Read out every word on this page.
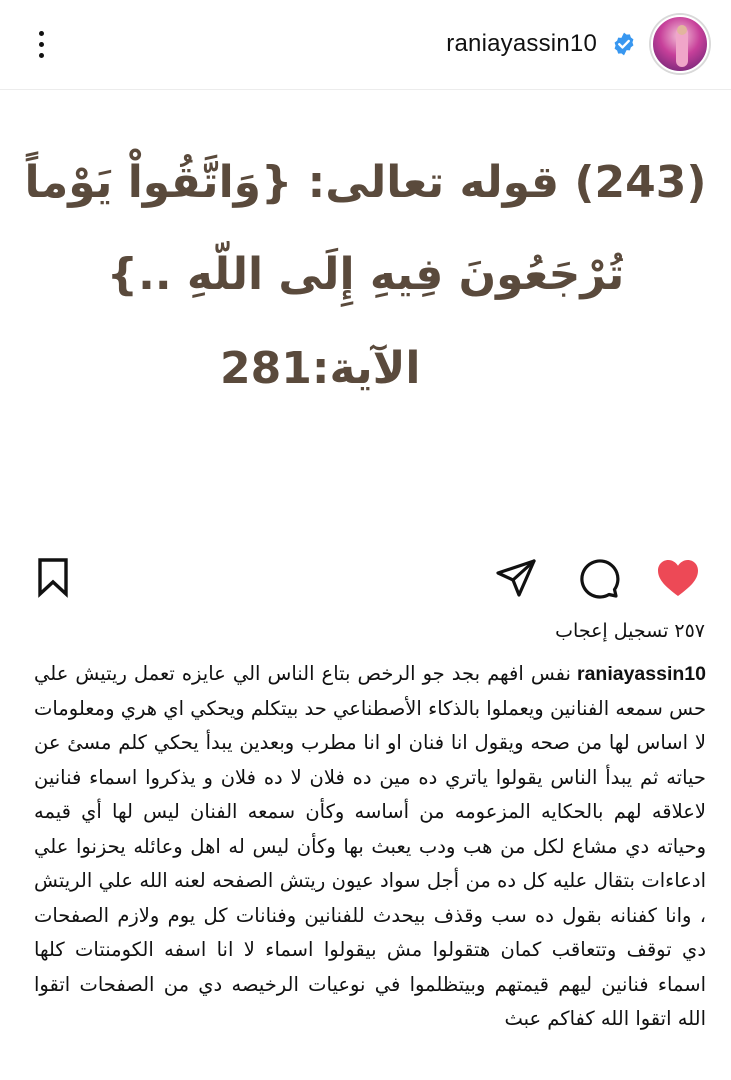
raniayassin10
(243) قوله تعالى: {وَاتَّقُواْ يَوْماً
تُرْجَعُونَ فِيهِ إِلَى اللّهِ ..}
الآية:281
٢٥٧
تسجيل إعجاب
raniayassin10نفس افهم بجد جو الرخص بتاع الناس الي عايزه تعمل ريتيش علي حس سمعه الفنانين ويعملوا بالذكاء الأصطناعي حد بيتكلم ويحكي اي هري ومعلومات لا اساس لها من صحه ويقول انا فنان او انا مطرب وبعدين يبدأ يحكي كلم مسئ عن حياته ثم يبدأ الناس يقولوا ياتري ده مين ده فلان لا ده فلان و يذكروا اسماء فنانين لاعلاقه لهم بالحكايه المزعومه من أساسه وكأن سمعه الفنان ليس لها أي قيمه وحياته دي مشاع لكل من هب ودب يعبث بها وكأن ليس له اهل وعائله يحزنوا علي ادعاءات بتقال عليه كل ده من أجل سواد عيون ريتش الصفحه لعنه الله علي الريتش ، وانا كفنانه بقول ده سب وقذف بيحدث للفنانين وفنانات كل يوم ولازم الصفحات دي توقف وتتعاقب كمان هتقولوا مش بيقولوا اسماء لا انا اسفه الكومنتات كلها اسماء فنانين ليهم قيمتهم وبيتظلموا في نوعيات الرخيصه دي من الصفحات اتقوا الله اتقوا الله كفاكم عبث
